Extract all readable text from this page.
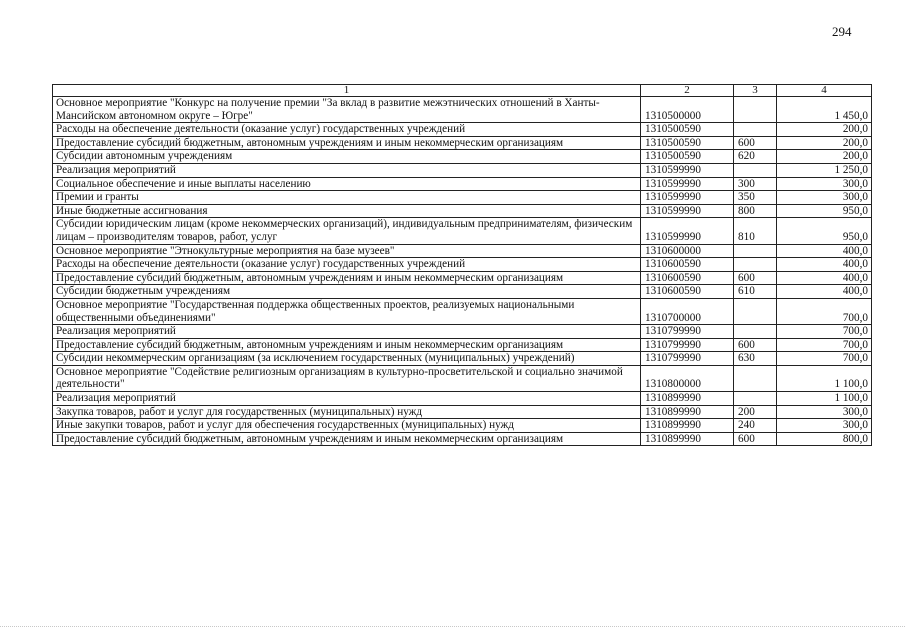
294
1	2	3	4
Основное мероприятие "Конкурс на получение премии "За вклад в развитие межэтнических отношений в Ханты-Мансийском автономном округе – Югре"	1310500000		1 450,0
Расходы на обеспечение деятельности (оказание услуг) государственных учреждений	1310500590		200,0
Предоставление субсидий бюджетным, автономным учреждениям и иным некоммерческим организациям	1310500590	600	200,0
Субсидии автономным учреждениям	1310500590	620	200,0
Реализация мероприятий	1310599990		1 250,0
Социальное обеспечение и иные выплаты населению	1310599990	300	300,0
Премии и гранты	1310599990	350	300,0
Иные бюджетные ассигнования	1310599990	800	950,0
Субсидии юридическим лицам (кроме некоммерческих организаций), индивидуальным предпринимателям, физическим лицам – производителям товаров, работ, услуг	1310599990	810	950,0
Основное мероприятие "Этнокультурные мероприятия на базе музеев"	1310600000		400,0
Расходы на обеспечение деятельности (оказание услуг) государственных учреждений	1310600590		400,0
Предоставление субсидий бюджетным, автономным учреждениям и иным некоммерческим организациям	1310600590	600	400,0
Субсидии бюджетным учреждениям	1310600590	610	400,0
Основное мероприятие "Государственная поддержка общественных проектов, реализуемых национальными общественными объединениями"	1310700000		700,0
Реализация мероприятий	1310799990		700,0
Предоставление субсидий бюджетным, автономным учреждениям и иным некоммерческим организациям	1310799990	600	700,0
Субсидии некоммерческим организациям (за исключением государственных (муниципальных) учреждений)	1310799990	630	700,0
Основное мероприятие "Содействие религиозным организациям в культурно-просветительской и социально значимой деятельности"	1310800000		1 100,0
Реализация мероприятий	1310899990		1 100,0
Закупка товаров, работ и услуг для государственных (муниципальных) нужд	1310899990	200	300,0
Иные закупки товаров, работ и услуг для обеспечения государственных (муниципальных) нужд	1310899990	240	300,0
Предоставление субсидий бюджетным, автономным учреждениям и иным некоммерческим организациям	1310899990	600	800,0
